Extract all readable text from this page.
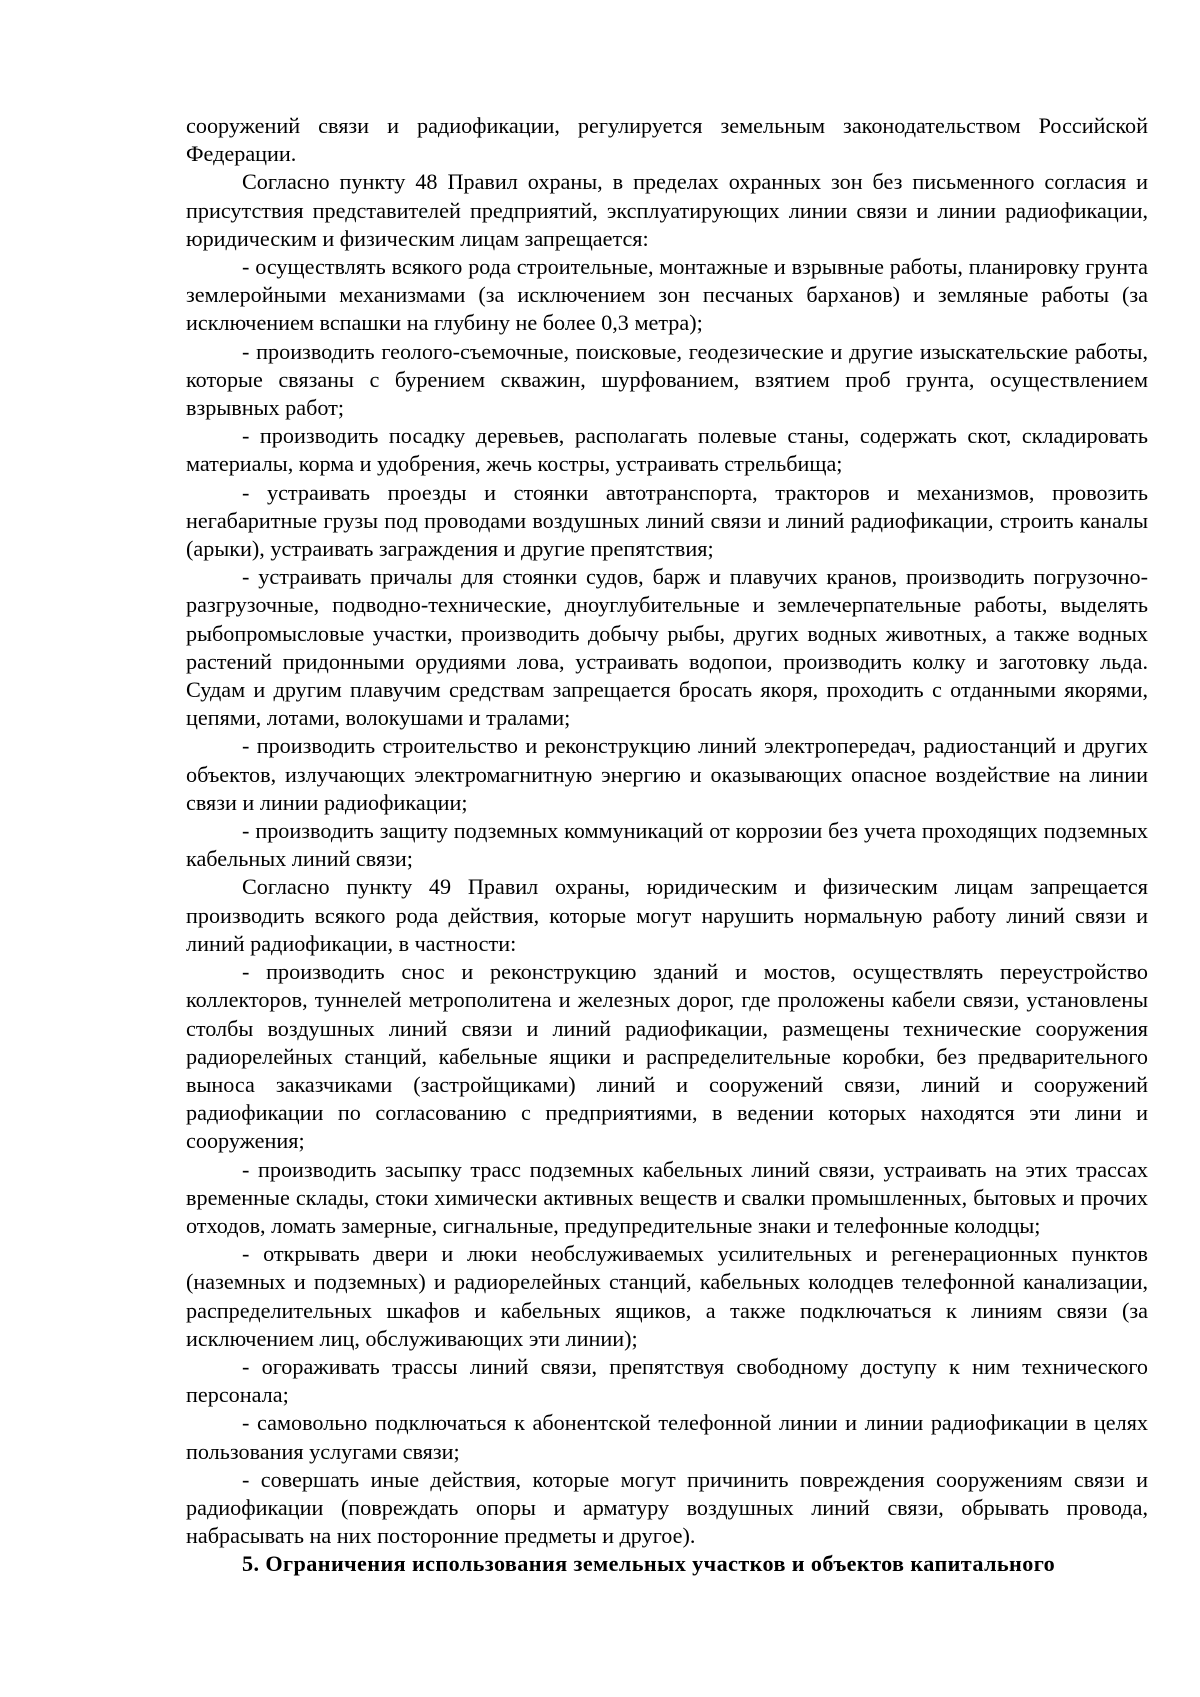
сооружений связи и радиофикации, регулируется земельным законодательством Российской Федерации.

Согласно пункту 48 Правил охраны, в пределах охранных зон без письменного согласия и присутствия представителей предприятий, эксплуатирующих линии связи и линии радиофикации, юридическим и физическим лицам запрещается:

- осуществлять всякого рода строительные, монтажные и взрывные работы, планировку грунта землеройными механизмами (за исключением зон песчаных барханов) и земляные работы (за исключением вспашки на глубину не более 0,3 метра);

- производить геолого-съемочные, поисковые, геодезические и другие изыскательские работы, которые связаны с бурением скважин, шурфованием, взятием проб грунта, осуществлением взрывных работ;

- производить посадку деревьев, располагать полевые станы, содержать скот, складировать материалы, корма и удобрения, жечь костры, устраивать стрельбища;

- устраивать проезды и стоянки автотранспорта, тракторов и механизмов, провозить негабаритные грузы под проводами воздушных линий связи и линий радиофикации, строить каналы (арыки), устраивать заграждения и другие препятствия;

- устраивать причалы для стоянки судов, барж и плавучих кранов, производить погрузочно-разгрузочные, подводно-технические, дноуглубительные и землечерпательные работы, выделять рыбопромысловые участки, производить добычу рыбы, других водных животных, а также водных растений придонными орудиями лова, устраивать водопои, производить колку и заготовку льда. Судам и другим плавучим средствам запрещается бросать якоря, проходить с отданными якорями, цепями, лотами, волокушами и тралами;

- производить строительство и реконструкцию линий электропередач, радиостанций и других объектов, излучающих электромагнитную энергию и оказывающих опасное воздействие на линии связи и линии радиофикации;

- производить защиту подземных коммуникаций от коррозии без учета проходящих подземных кабельных линий связи;

Согласно пункту 49 Правил охраны, юридическим и физическим лицам запрещается производить всякого рода действия, которые могут нарушить нормальную работу линий связи и линий радиофикации, в частности:

- производить снос и реконструкцию зданий и мостов, осуществлять переустройство коллекторов, туннелей метрополитена и железных дорог, где проложены кабели связи, установлены столбы воздушных линий связи и линий радиофикации, размещены технические сооружения радиорелейных станций, кабельные ящики и распределительные коробки, без предварительного выноса заказчиками (застройщиками) линий и сооружений связи, линий и сооружений радиофикации по согласованию с предприятиями, в ведении которых находятся эти лини и сооружения;

- производить засыпку трасс подземных кабельных линий связи, устраивать на этих трассах временные склады, стоки химически активных веществ и свалки промышленных, бытовых и прочих отходов, ломать замерные, сигнальные, предупредительные знаки и телефонные колодцы;

- открывать двери и люки необслуживаемых усилительных и регенерационных пунктов (наземных и подземных) и радиорелейных станций, кабельных колодцев телефонной канализации, распределительных шкафов и кабельных ящиков, а также подключаться к линиям связи (за исключением лиц, обслуживающих эти линии);

- огораживать трассы линий связи, препятствуя свободному доступу к ним технического персонала;

- самовольно подключаться к абонентской телефонной линии и линии радиофикации в целях пользования услугами связи;

- совершать иные действия, которые могут причинить повреждения сооружениям связи и радиофикации (повреждать опоры и арматуру воздушных линий связи, обрывать провода, набрасывать на них посторонние предметы и другое).

5. Ограничения использования земельных участков и объектов капитального
